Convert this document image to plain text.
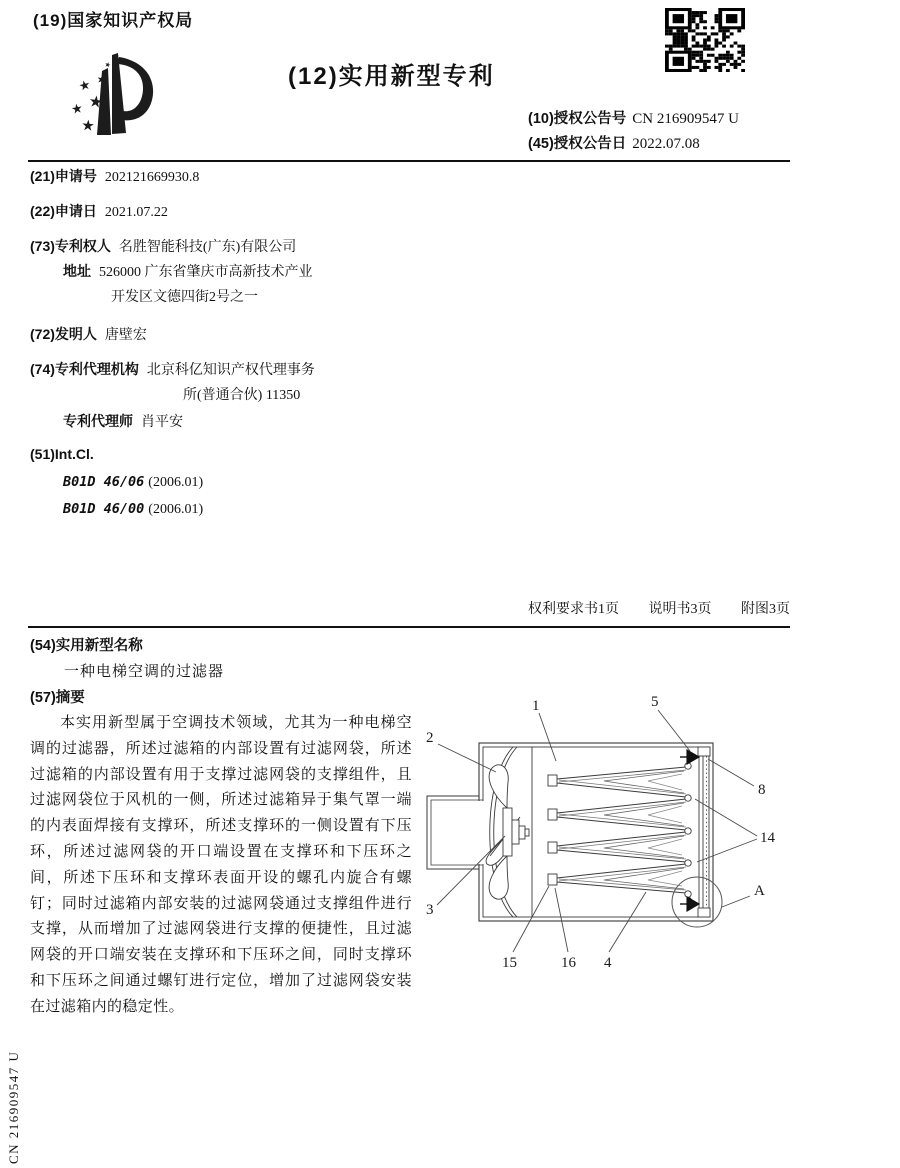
(19)国家知识产权局
★
★
★
★
★
★	(12)实用新型专利
(10)授权公告号 CN 216909547 U
(45)授权公告日 2022.07.08
(21)申请号 202121669930.8
(22)申请日 2021.07.22
(73)专利权人 名胜智能科技(广东)有限公司
地址 526000 广东省肇庆市高新技术产业
开发区文德四街2号之一
(72)发明人 唐壁宏
(74)专利代理机构 北京科亿知识产权代理事务
所(普通合伙) 11350
专利代理师 肖平安
(51)Int.Cl.
B01D 46/06 (2006.01)
B01D 46/00 (2006.01)
权利要求书1页 说明书3页 附图3页
(54)实用新型名称
一种电梯空调的过滤器
(57)摘要
本实用新型属于空调技术领域，尤其为一种电梯空调的过滤器，所述过滤箱的内部设置有过滤网袋，所述过滤箱的内部设置有用于支撑过滤网袋的支撑组件，且过滤网袋位于风机的一侧，所述过滤箱异于集气罩一端的内表面焊接有支撑环，所述支撑环的一侧设置有下压环，所述过滤网袋的开口端设置在支撑环和下压环之间，所述下压环和支撑环表面开设的螺孔内旋合有螺钉；同时过滤箱内部安装的过滤网袋通过支撑组件进行支撑，从而增加了过滤网袋进行支撑的便捷性，且过滤网袋的开口端安装在支撑环和下压环之间，同时支撑环和下压环之间通过螺钉进行定位，增加了过滤网袋安装在过滤箱内的稳定性。
1
2
3
5
8
14
A
15	16 4
CN 216909547 U
